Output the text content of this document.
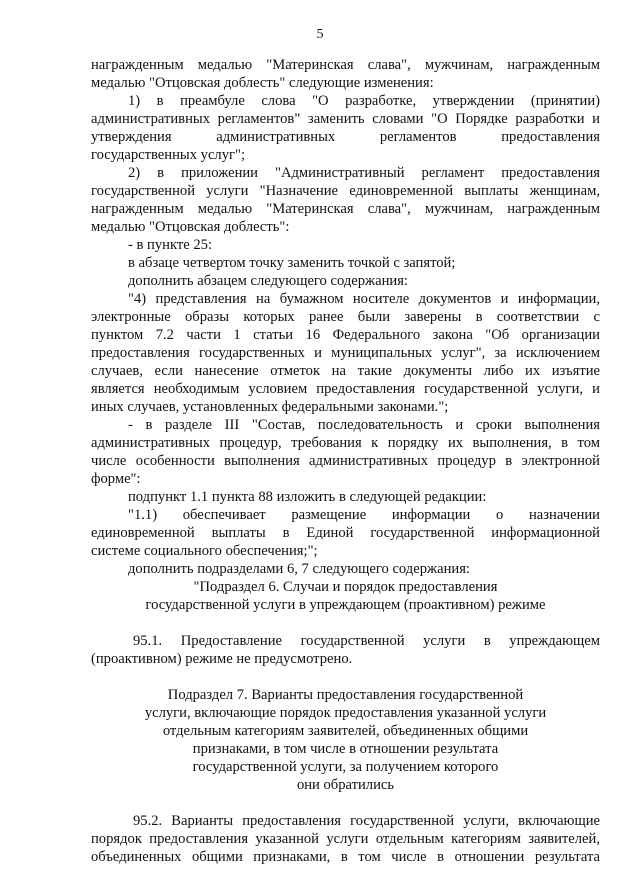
5
награжденным медалью "Материнская слава", мужчинам, награжденным
медалью "Отцовская доблесть" следующие изменения:
1) в преамбуле слова "О разработке, утверждении (принятии)
административных регламентов" заменить словами "О Порядке разработки и
утверждения административных регламентов предоставления
государственных услуг";
2) в приложении "Административный регламент предоставления
государственной услуги "Назначение единовременной выплаты женщинам,
награжденным медалью "Материнская слава", мужчинам, награжденным
медалью "Отцовская доблесть":
- в пункте 25:
в абзаце четвертом точку заменить точкой с запятой;
дополнить абзацем следующего содержания:
"4) представления на бумажном носителе документов и информации,
электронные образы которых ранее были заверены в соответствии с
пунктом 7.2 части 1 статьи 16 Федерального закона "Об организации
предоставления государственных и муниципальных услуг", за исключением
случаев, если нанесение отметок на такие документы либо их изъятие
является необходимым условием предоставления государственной услуги, и
иных случаев, установленных федеральными законами.";
- в разделе III "Состав, последовательность и сроки выполнения
административных процедур, требования к порядку их выполнения, в том
числе особенности выполнения административных процедур в электронной
форме":
подпункт 1.1 пункта 88 изложить в следующей редакции:
"1.1) обеспечивает размещение информации о назначении
единовременной выплаты в Единой государственной информационной
системе социального обеспечения;";
дополнить подразделами 6, 7 следующего содержания:
"Подраздел 6. Случаи и порядок предоставления
государственной услуги в упреждающем (проактивном) режиме
95.1. Предоставление государственной услуги в упреждающем
(проактивном) режиме не предусмотрено.
Подраздел 7. Варианты предоставления государственной
услуги, включающие порядок предоставления указанной услуги
отдельным категориям заявителей, объединенных общими
признаками, в том числе в отношении результата
государственной услуги, за получением которого
они обратились
95.2. Варианты предоставления государственной услуги, включающие
порядок предоставления указанной услуги отдельным категориям заявителей,
объединенных общими признаками, в том числе в отношении результата
